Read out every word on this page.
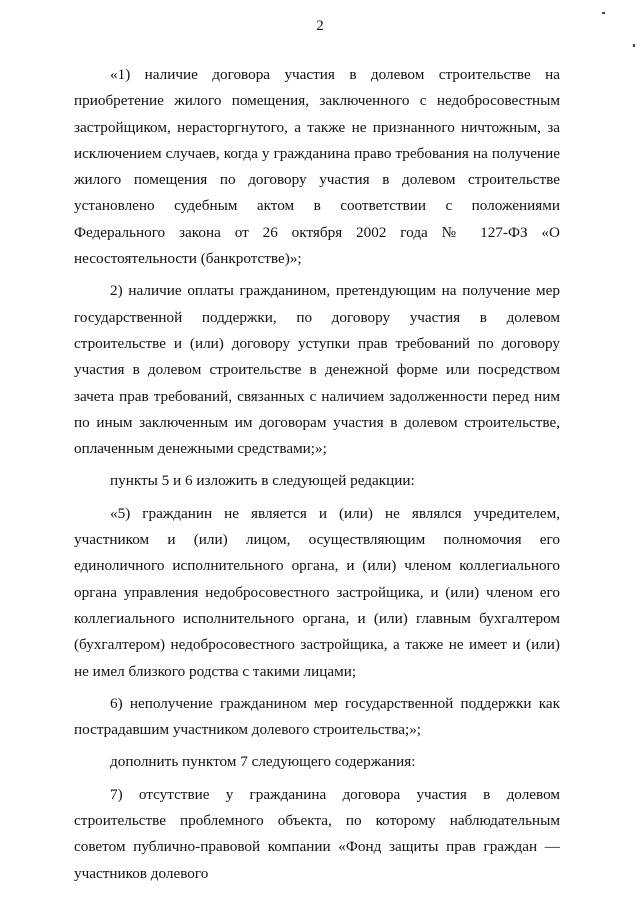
2

«1) наличие договора участия в долевом строительстве на приобретение жилого помещения, заключенного с недобросовестным застройщиком, нерасторгнутого, а также не признанного ничтожным, за исключением случаев, когда у гражданина право требования на получение жилого помещения по договору участия в долевом строительстве установлено судебным актом в соответствии с положениями Федерального закона от 26 октября 2002 года № 127-ФЗ «О несостоятельности (банкротстве)»;

2) наличие оплаты гражданином, претендующим на получение мер государственной поддержки, по договору участия в долевом строительстве и (или) договору уступки прав требований по договору участия в долевом строительстве в денежной форме или посредством зачета прав требований, связанных с наличием задолженности перед ним по иным заключенным им договорам участия в долевом строительстве, оплаченным денежными средствами;»;

пункты 5 и 6 изложить в следующей редакции:

«5) гражданин не является и (или) не являлся учредителем, участником и (или) лицом, осуществляющим полномочия его единоличного исполнительного органа, и (или) членом коллегиального органа управления недобросовестного застройщика, и (или) членом его коллегиального исполнительного органа, и (или) главным бухгалтером (бухгалтером) недобросовестного застройщика, а также не имеет и (или) не имел близкого родства с такими лицами;

6) неполучение гражданином мер государственной поддержки как пострадавшим участником долевого строительства;»;

дополнить пунктом 7 следующего содержания:

7) отсутствие у гражданина договора участия в долевом строительстве проблемного объекта, по которому наблюдательным советом публично-правовой компании «Фонд защиты прав граждан — участников долевого
